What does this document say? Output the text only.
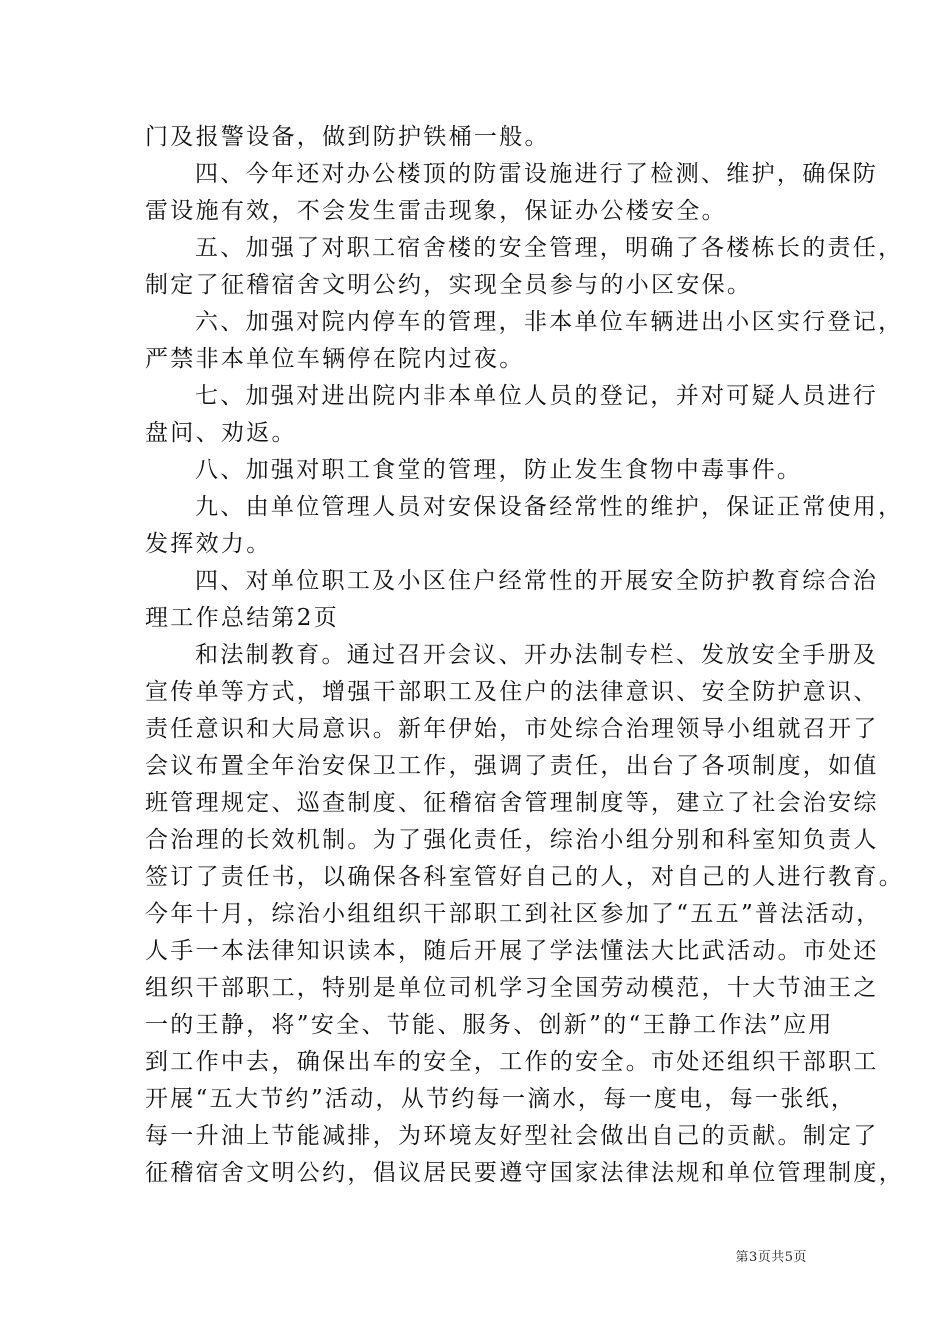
门及报警设备，做到防护铁桶一般。
四、今年还对办公楼顶的防雷设施进行了检测、维护，确保防
雷设施有效，不会发生雷击现象，保证办公楼安全。
五、加强了对职工宿舍楼的安全管理，明确了各楼栋长的责任，
制定了征稽宿舍文明公约，实现全员参与的小区安保。
六、加强对院内停车的管理，非本单位车辆进出小区实行登记，
严禁非本单位车辆停在院内过夜。
七、加强对进出院内非本单位人员的登记，并对可疑人员进行
盘问、劝返。
八、加强对职工食堂的管理，防止发生食物中毒事件。
九、由单位管理人员对安保设备经常性的维护，保证正常使用，
发挥效力。
四、对单位职工及小区住户经常性的开展安全防护教育综合治
理工作总结第2页
和法制教育。通过召开会议、开办法制专栏、发放安全手册及
宣传单等方式，增强干部职工及住户的法律意识、安全防护意识、
责任意识和大局意识。新年伊始，市处综合治理领导小组就召开了
会议布置全年治安保卫工作，强调了责任，出台了各项制度，如值
班管理规定、巡查制度、征稽宿舍管理制度等，建立了社会治安综
合治理的长效机制。为了强化责任，综治小组分别和科室知负责人
签订了责任书，以确保各科室管好自己的人，对自己的人进行教育。
今年十月，综治小组组织干部职工到社区参加了“五五”普法活动，
人手一本法律知识读本，随后开展了学法懂法大比武活动。市处还
组织干部职工，特别是单位司机学习全国劳动模范，十大节油王之
一的王静，将”安全、节能、服务、创新”的“王静工作法”应用
到工作中去，确保出车的安全，工作的安全。市处还组织干部职工
开展“五大节约”活动，从节约每一滴水，每一度电，每一张纸，
每一升油上节能减排，为环境友好型社会做出自己的贡献。制定了
征稽宿舍文明公约，倡议居民要遵守国家法律法规和单位管理制度，
第3页共5页
